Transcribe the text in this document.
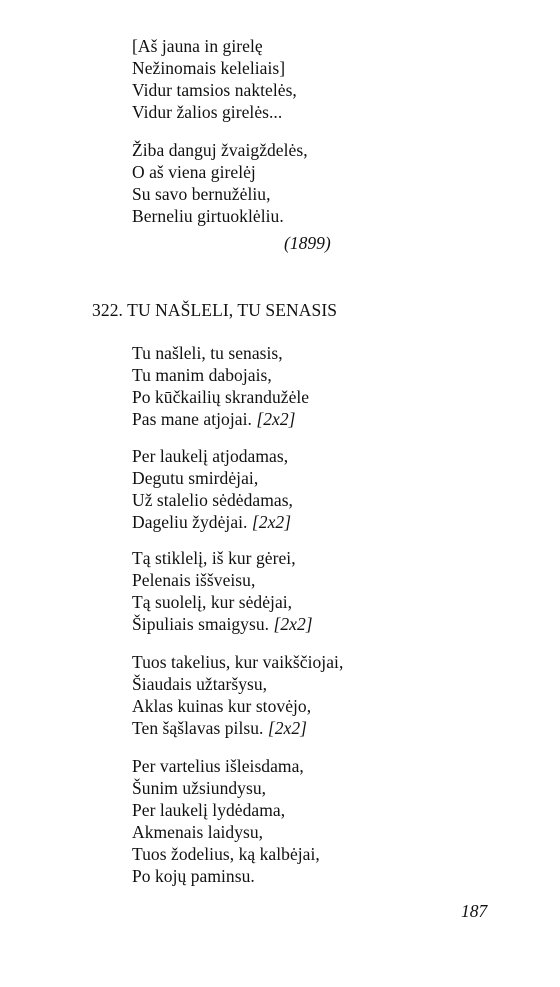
[Aš jauna in girelę
Nežinomais keleliais]
Vidur tamsios naktelės,
Vidur žalios girelės...
Žiba danguj žvaigždelės,
O aš viena girelėj
Su savo bernužėliu,
Berneliu girtuoklėliu.
(1899)
322. TU NAŠLELI, TU SENASIS
Tu našleli, tu senasis,
Tu manim dabojais,
Po kūčkailių skrandužėle
Pas mane atjojai. [2x2]
Per laukelį atjodamas,
Degutu smirdėjai,
Už stalelio sėdėdamas,
Dageliu žydėjai. [2x2]
Tą stiklelį, iš kur gėrei,
Pelenais iššveisu,
Tą suolelį, kur sėdėjai,
Šipuliais smaigysu. [2x2]
Tuos takelius, kur vaikščiojai,
Šiaudais užtaršysu,
Aklas kuinas kur stovėjo,
Ten šąšlavas pilsu. [2x2]
Per vartelius išleisdama,
Šunim užsiundysu,
Per laukelį lydėdama,
Akmenais laidysu,
Tuos žodelius, ką kalbėjai,
Po kojų paminsu.
187
